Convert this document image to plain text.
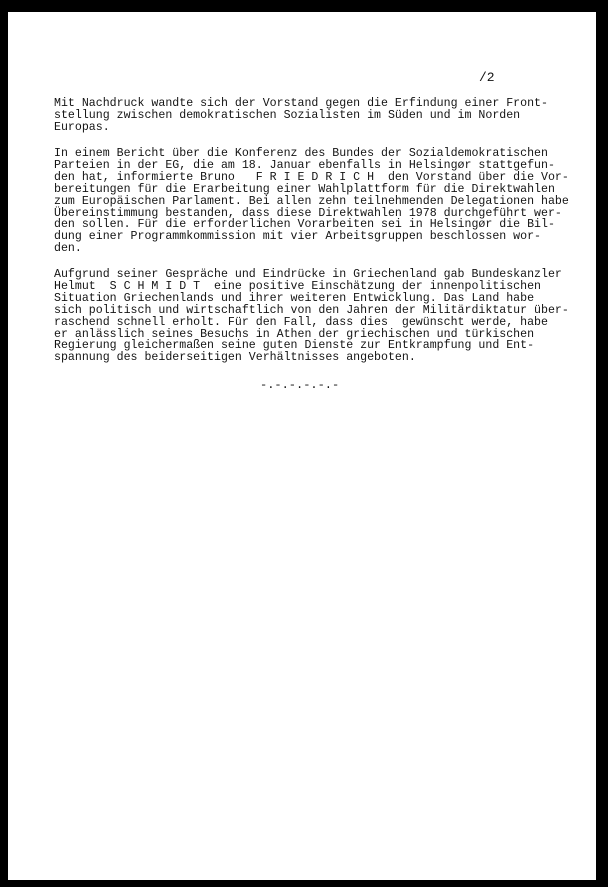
/2
Mit Nachdruck wandte sich der Vorstand gegen die Erfindung einer Front-
stellung zwischen demokratischen Sozialisten im Süden und im Norden
Europas.
In einem Bericht über die Konferenz des Bundes der Sozialdemokratischen
Parteien in der EG, die am 18. Januar ebenfalls in Helsingør stattgefun-
den hat, informierte Bruno   F R I E D R I C H  den Vorstand über die Vor-
bereitungen für die Erarbeitung einer Wahlplattform für die Direktwahlen
zum Europäischen Parlament. Bei allen zehn teilnehmenden Delegationen habe
Übereinstimmung bestanden, dass diese Direktwahlen 1978 durchgeführt wer-
den sollen. Für die erforderlichen Vorarbeiten sei in Helsingør die Bil-
dung einer Programmkommission mit vier Arbeitsgruppen beschlossen wor-
den.
Aufgrund seiner Gespräche und Eindrücke in Griechenland gab Bundeskanzler
Helmut  S C H M I D T  eine positive Einschätzung der innenpolitischen
Situation Griechenlands und ihrer weiteren Entwicklung. Das Land habe
sich politisch und wirtschaftlich von den Jahren der Militärdiktatur über-
raschend schnell erholt. Für den Fall, dass dies  gewünscht werde, habe
er anlässlich seines Besuchs in Athen der griechischen und türkischen
Regierung gleichermaßen seine guten Dienste zur Entkrampfung und Ent-
spannung des beiderseitigen Verhältnisses angeboten.
-.-.-.-.-.-
